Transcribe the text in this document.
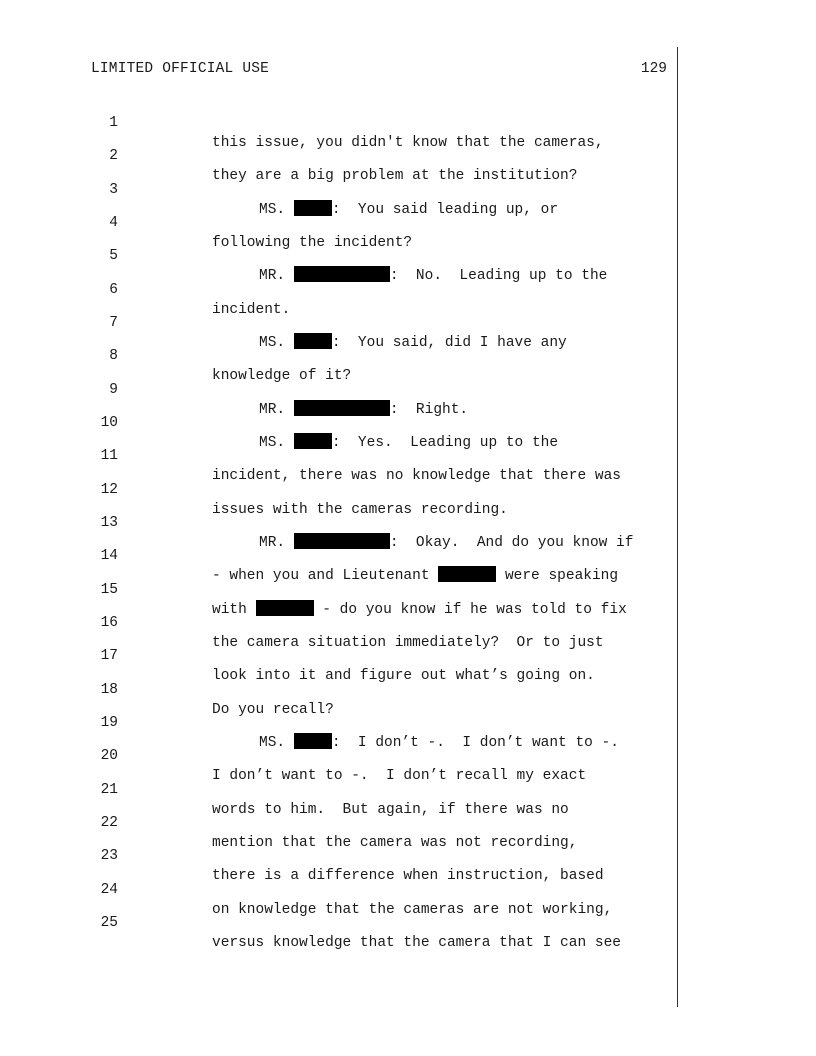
LIMITED OFFICIAL USE	129

1

this issue, you didn't know that the cameras,

2

they are a big problem at the institution?

3

MS.	:  You said leading up, or

4

following the incident?

5

MR.	:  No.  Leading up to the

6

incident.

7

MS.	:  You said, did I have any

8

knowledge of it?

9

MR.	:  Right.

10

MS.	:  Yes.  Leading up to the

11

incident, there was no knowledge that there was

12

issues with the cameras recording.

13

MR.	:  Okay.  And do you know if

14

- when you and Lieutenant	were speaking

15

with	- do you know if he was told to fix

16

the camera situation immediately?  Or to just

17

look into it and figure out what’s going on.

18

Do you recall?

19

MS.	:  I don’t -.  I don’t want to -.

20

I don’t want to -.  I don’t recall my exact

21

words to him.  But again, if there was no

22

mention that the camera was not recording,

23

there is a difference when instruction, based

24

on knowledge that the cameras are not working,

25

versus knowledge that the camera that I can see
